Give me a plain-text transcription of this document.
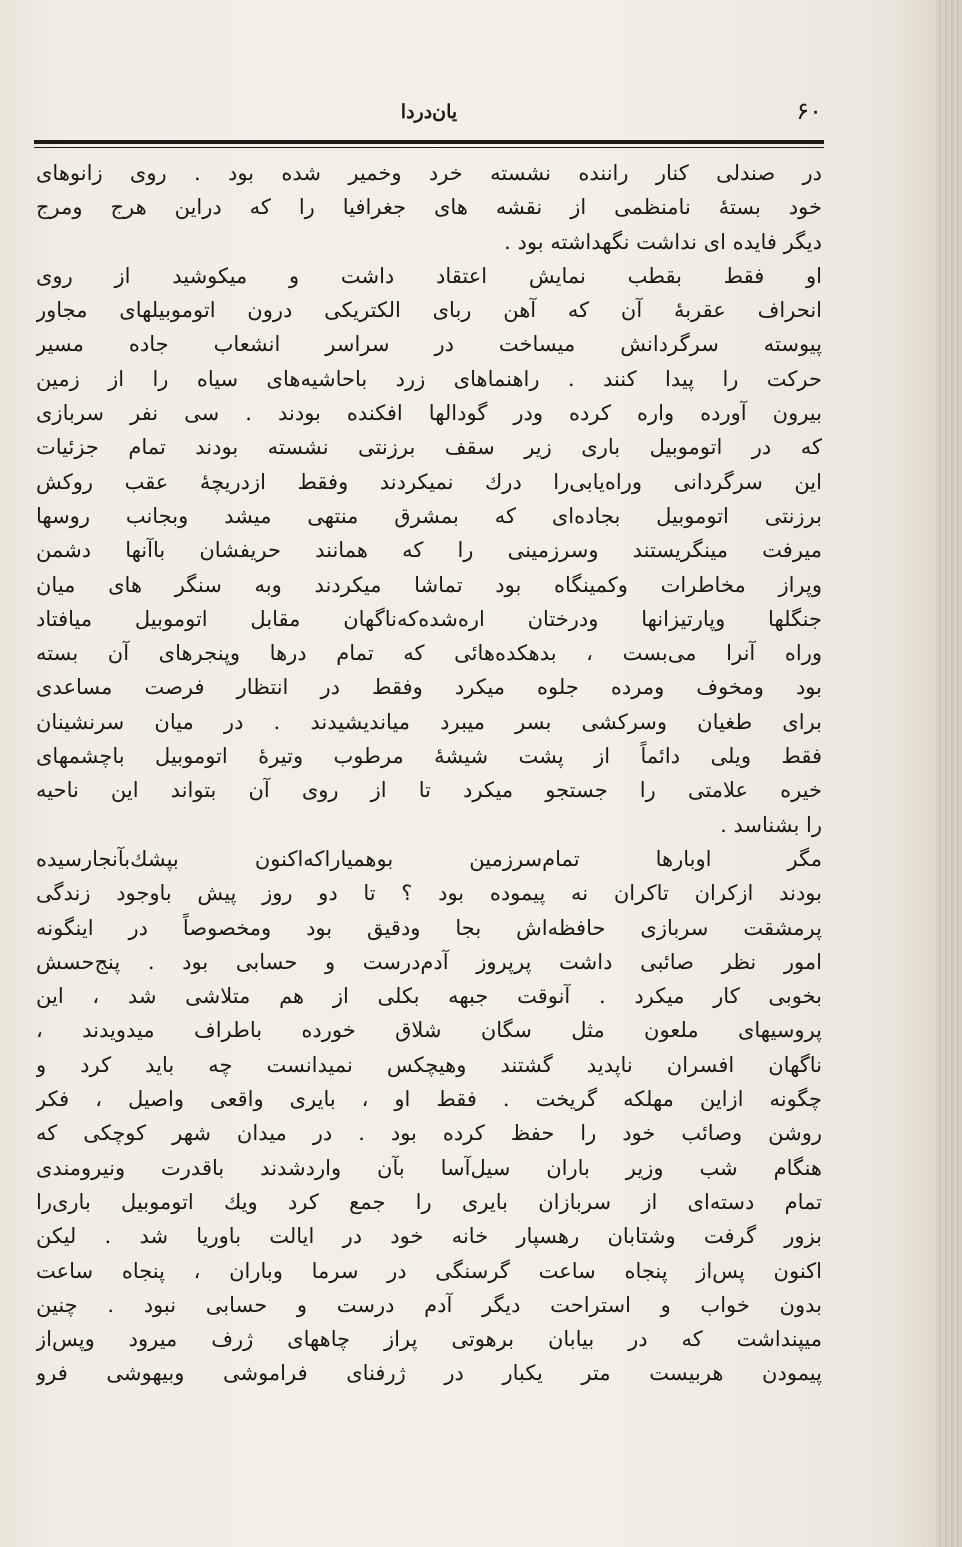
۶۰
یان‌درد‌ا
در صندلی کنار راننده نشسته خرد وخمیر شده بود . روی زانوهای
خود بستهٔ نامنظمی از نقشه های جغرافیا را که دراین هرج ومرج
دیگر فایده ای نداشت نگهداشته بود .
او فقط بقطب نمایش اعتقاد داشت و میکوشید از روی
انحراف عقربهٔ آن که آهن ربای الکتریکی درون اتوموبیلهای مجاور
پیوسته سرگردانش میساخت در سراسر انشعاب جاده مسیر
حرکت را پیدا کنند . راهنماهای زرد باحاشیه‌های سیاه را از زمین
بیرون آورده واره کرده ودر گودالها افکنده بودند . سی نفر سربازی
که در اتوموبیل باری زیر سقف برزنتی نشسته بودند تمام جزئیات
این سرگردانی وراه‌یابی‌را درك نمیکردند وفقط ازدریچهٔ عقب روکش
برزنتی اتوموبیل بجاده‌ای که بمشرق منتهی میشد وبجانب روسها
میرفت مینگریستند وسرزمینی را که همانند حریفشان باآنها دشمن
وپراز مخاطرات وکمینگاه بود تماشا میکردند وبه سنگر های میان
جنگلها وپارتیزانها ودرختان اره‌شده‌که‌ناگهان مقابل اتوموبیل میافتاد
وراه آنرا می‌بست ، بدهکده‌هائی که تمام درها وپنجرهای آن بسته
بود ومخوف ومرده جلوه میکرد وفقط در انتظار فرصت مساعدی
برای طغیان وسرکشی بسر میبرد میاندیشیدند . در میان سرنشینان
فقط ویلی دائماً از پشت شیشهٔ مرطوب وتیرهٔ اتوموبیل باچشمهای
خیره علامتی را جستجو میکرد تا از روی آن بتواند این ناحیه
را بشناسد .
مگر اوبارها تمام‌سرزمین بوهمیارا‌که‌اکنون بپشك‌بآنجار‌سیده
بودند ازکران تاکران نه پیموده بود ؟ تا دو روز پیش باوجود زندگی
پرمشقت سربازی حافظه‌اش بجا ودقیق بود ومخصوصاً در اینگونه
امور نظر صائبی داشت پرپروز آدم‌درست و حسابی بود . پنج‌حسش
بخوبی کار میکرد . آنوقت جبهه بکلی از هم متلاشی شد ، این
پروسیهای ملعون مثل سگان شلاق خورده باطراف میدویدند ،
ناگهان افسران ناپدید گشتند وهیچکس نمیدانست چه باید کرد و
چگونه ازاین مهلکه گریخت . فقط او ، بایری واقعی واصیل ، فکر
روشن وصائب خود را حفظ کرده بود . در میدان شهر کوچکی که
هنگام شب وزیر باران سیل‌آسا بآن واردشدند باقدرت ونیرومندی
تمام دسته‌ای از سربازان بایری را جمع کرد ویك اتوموبیل باری‌را
بزور گرفت وشتابان رهسپار خانه خود در ایالت باوریا شد . لیکن
اکنون پس‌از پنجاه ساعت گرسنگی در سرما وباران ، پنجاه ساعت
بدون خواب و استراحت دیگر آدم درست و حسابی نبود . چنین
میپنداشت که در بیابان برهوتی پراز چاههای ژرف میرود وپس‌از
پیمودن هربیست متر یکبار در ژرفنای فراموشی وبیهوشی فرو
